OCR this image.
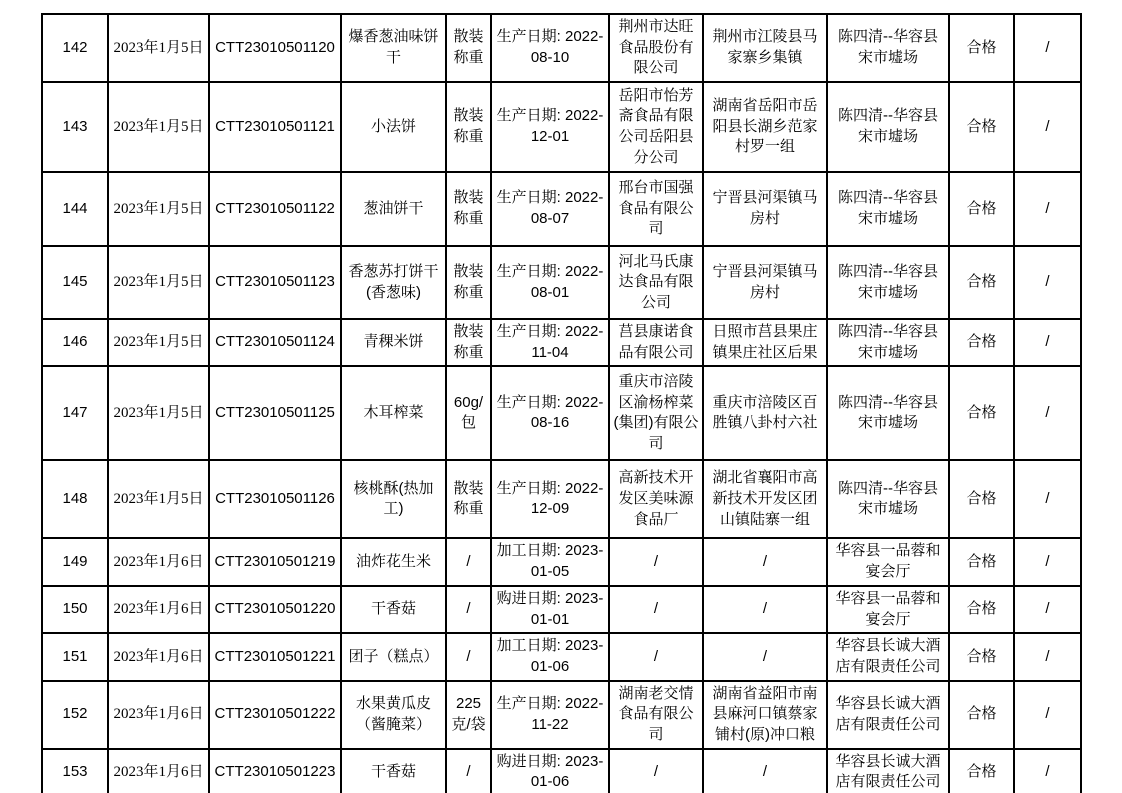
142	2023年1月5日	CTT23010501120	爆香葱油味饼干	散装称重	生产日期: 2022-08-10	荆州市达旺食品股份有限公司	荆州市江陵县马家寨乡集镇	陈四清--华容县宋市墟场	合格	/
143	2023年1月5日	CTT23010501121	小法饼	散装称重	生产日期: 2022-12-01	岳阳市怡芳斋食品有限公司岳阳县分公司	湖南省岳阳市岳阳县长湖乡范家村罗一组	陈四清--华容县宋市墟场	合格	/
144	2023年1月5日	CTT23010501122	葱油饼干	散装称重	生产日期: 2022-08-07	邢台市国强食品有限公司	宁晋县河渠镇马房村	陈四清--华容县宋市墟场	合格	/
145	2023年1月5日	CTT23010501123	香葱苏打饼干(香葱味)	散装称重	生产日期: 2022-08-01	河北马氏康达食品有限公司	宁晋县河渠镇马房村	陈四清--华容县宋市墟场	合格	/
146	2023年1月5日	CTT23010501124	青稞米饼	散装称重	生产日期: 2022-11-04	莒县康诺食品有限公司	日照市莒县果庄镇果庄社区后果	陈四清--华容县宋市墟场	合格	/
147	2023年1月5日	CTT23010501125	木耳榨菜	60g/包	生产日期: 2022-08-16	重庆市涪陵区渝杨榨菜(集团)有限公司	重庆市涪陵区百胜镇八卦村六社	陈四清--华容县宋市墟场	合格	/
148	2023年1月5日	CTT23010501126	核桃酥(热加工)	散装称重	生产日期: 2022-12-09	高新技术开发区美味源食品厂	湖北省襄阳市高新技术开发区团山镇陆寨一组	陈四清--华容县宋市墟场	合格	/
149	2023年1月6日	CTT23010501219	油炸花生米	/	加工日期: 2023-01-05	/	/	华容县一品蓉和宴会厅	合格	/
150	2023年1月6日	CTT23010501220	干香菇	/	购进日期: 2023-01-01	/	/	华容县一品蓉和宴会厅	合格	/
151	2023年1月6日	CTT23010501221	团子（糕点）	/	加工日期: 2023-01-06	/	/	华容县长诚大酒店有限责任公司	合格	/
152	2023年1月6日	CTT23010501222	水果黄瓜皮（酱腌菜）	225克/袋	生产日期: 2022-11-22	湖南老交情食品有限公司	湖南省益阳市南县麻河口镇蔡家铺村(原)冲口粮	华容县长诚大酒店有限责任公司	合格	/
153	2023年1月6日	CTT23010501223	干香菇	/	购进日期: 2023-01-06	/	/	华容县长诚大酒店有限责任公司	合格	/
